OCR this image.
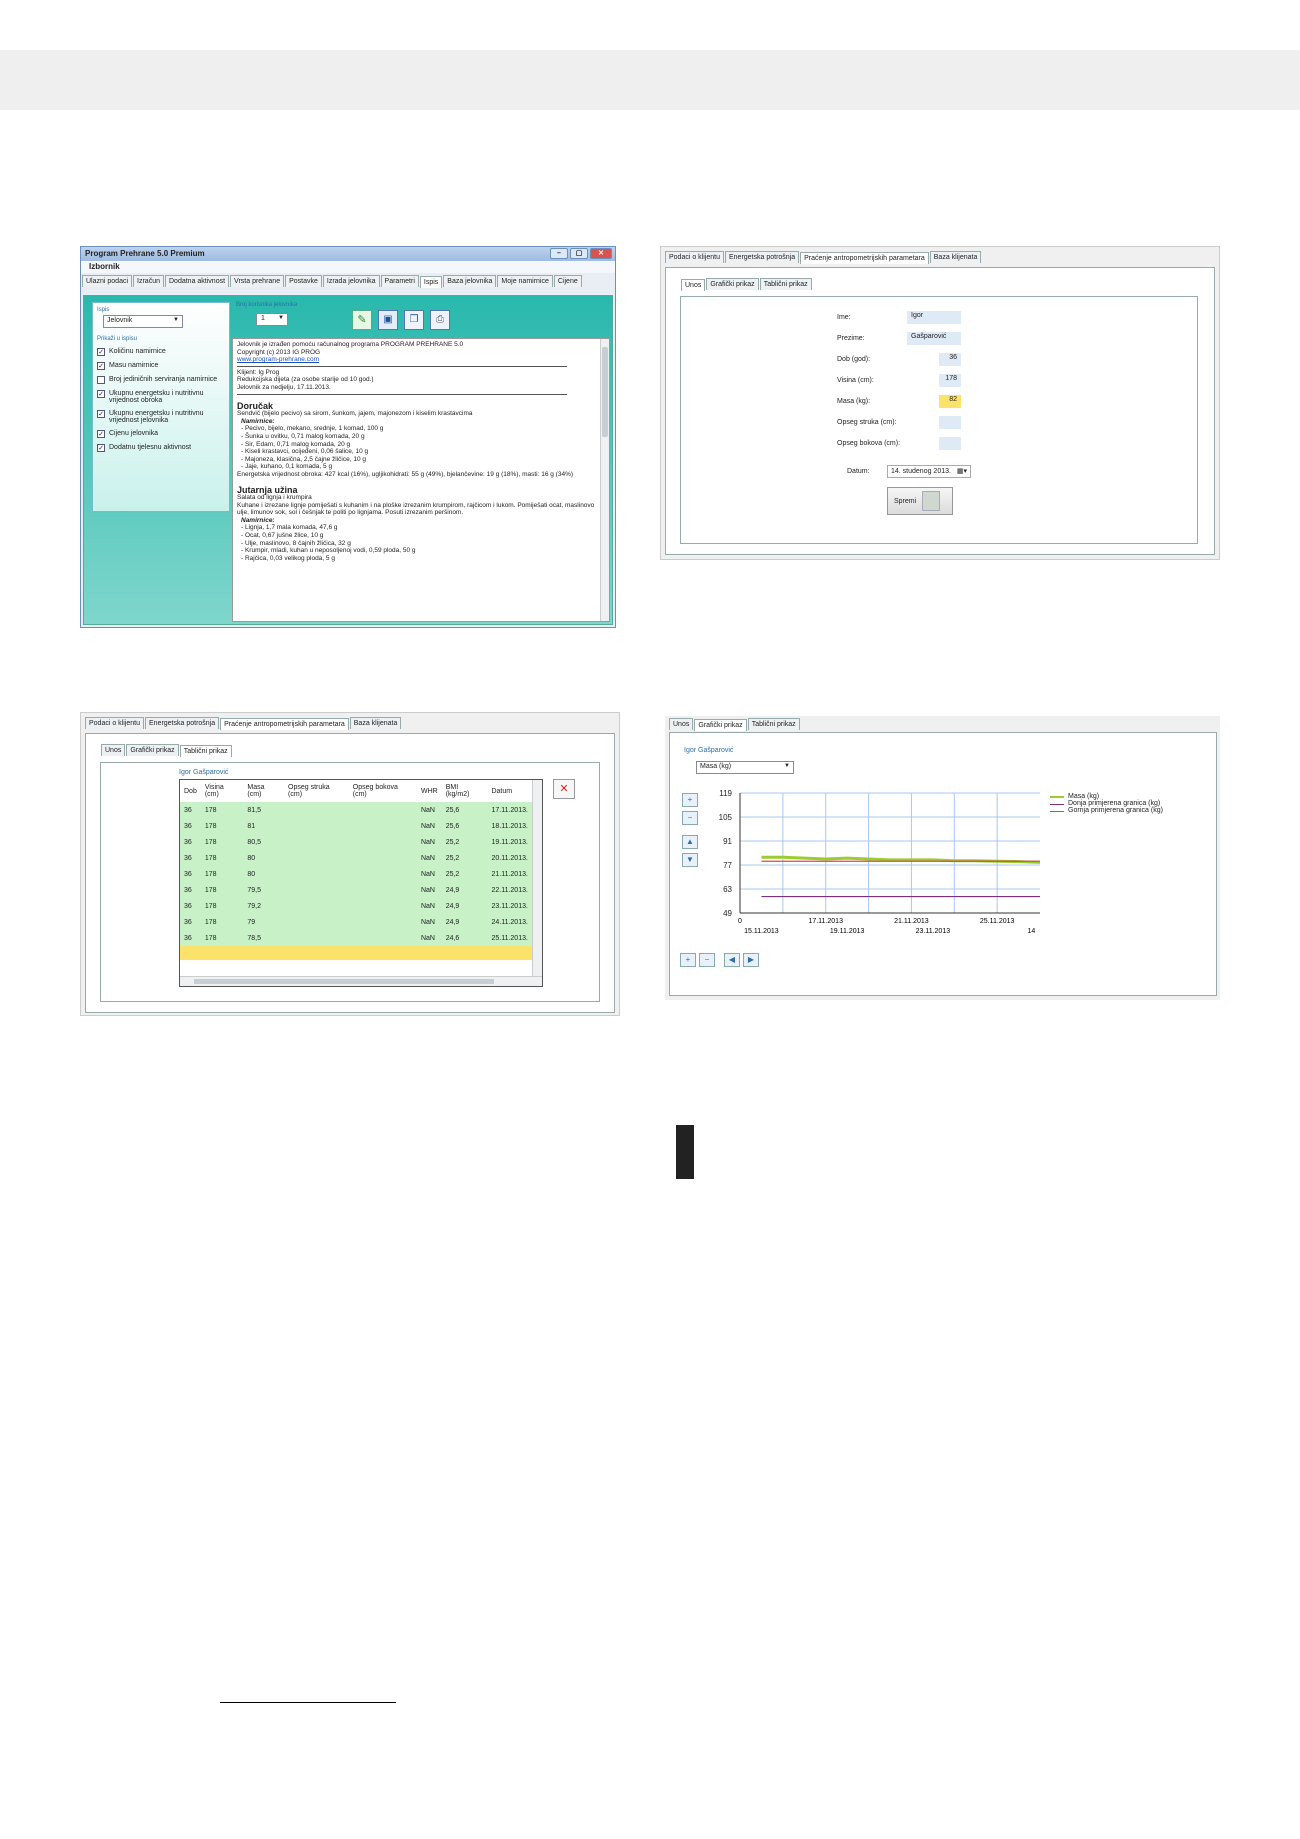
Program Prehrane 5.0 Premium	–	▢	✕
Izbornik
Ulazni podaci	Izračun	Dodatna aktivnost	Vrsta prehrane	Postavke	Izrada jelovnika	Parametri	Ispis	Baza jelovnika	Moje namirnice	Cijene
Ispis
Jelovnik	▼
Prikaži u ispisu
✓ Količinu namirnice
✓ Masu namirnice
Broj jediničnih serviranja namirnice
✓ Ukupnu energetsku i nutritivnu vrijednost obroka
✓ Ukupnu energetsku i nutritivnu vrijednost jelovnika
✓ Cijenu jelovnika
✓ Dodatnu tjelesnu aktivnost
Broj korisnika jelovnika
1 ▼	✎	▣	❐	⎙
Jelovnik je izrađen pomoću računalnog programa PROGRAM PREHRANE 5.0
Copyright (c) 2013 IG PROG
www.program-prehrane.com
Klijent: Ig Prog
Redukcijska dijeta (za osobe starije od 10 god.)
Jelovnik za nedjelju, 17.11.2013.
Doručak
Sendvič (bijelo pecivo) sa sirom, šunkom, jajem, majonezom i kiselim krastavcima
Namirnice:
- Pecivo, bijelo, mekano, srednje, 1 komad, 100 g
- Šunka u ovitku, 0,71 malog komada, 20 g
- Sir, Edam, 0,71 malog komada, 20 g
- Kiseli krastavci, ocijeđeni, 0,06 šalice, 10 g
- Majoneza, klasična, 2,5 čajne žličice, 10 g
- Jaje, kuhano, 0,1 komada, 5 g
Energetska vrijednost obroka: 427 kcal (16%), ugljikohidrati: 55 g (49%), bjelančevine: 19 g (18%), masti: 16 g (34%)
Jutarnja užina
Salata od lignja i krumpira
Kuhane i izrezane lignje pomiješati s kuhanim i na ploške izrezanim krumpirom, rajčicom i lukom. Pomiješati ocat, maslinovo ulje, limunov sok, sol i češnjak te politi po lignjama. Posuti izrezanim peršinom.
Namirnice:
- Lignja, 1,7 mala komada, 47,6 g
- Ocat, 0,67 jušne žlice, 10 g
- Ulje, maslinovo, 8 čajnih žličica, 32 g
- Krumpir, mladi, kuhan u neposoljenoj vodi, 0,59 ploda, 50 g
- Rajčica, 0,03 velikog ploda, 5 g
Podaci o klijentu	Energetska potrošnja	Praćenje antropometrijskih parametara	Baza klijenata
Unos	Grafički prikaz	Tablični prikaz
Ime:	Igor
Prezime:	Gašparović
Dob (god):	36
Visina (cm):	178
Masa (kg):	82
Opseg struka (cm):
Opseg bokova (cm):
Datum:	14. studenog 2013. ▦▾
Spremi
Podaci o klijentu	Energetska potrošnja	Praćenje antropometrijskih parametara	Baza klijenata
Unos	Grafički prikaz	Tablični prikaz
Igor Gašparović
Dob	Visina (cm)	Masa (cm)	Opseg struka (cm)	Opseg bokova (cm)	WHR	BMI (kg/m2)	Datum
36	178	81,5			NaN	25,6	17.11.2013.
36	178	81			NaN	25,6	18.11.2013.
36	178	80,5			NaN	25,2	19.11.2013.
36	178	80			NaN	25,2	20.11.2013.
36	178	80			NaN	25,2	21.11.2013.
36	178	79,5			NaN	24,9	22.11.2013.
36	178	79,2			NaN	24,9	23.11.2013.
36	178	79			NaN	24,9	24.11.2013.
36	178	78,5			NaN	24,6	25.11.2013.
✕
Unos	Grafički prikaz	Tablični prikaz
Igor Gašparović
Masa (kg)	▼
+
−
▲
▼
119
105
91
77
63
49
0	17.11.2013	21.11.2013	25.11.2013
15.11.2013	19.11.2013	23.11.2013	14
Masa (kg)
Donja primjerena granica (kg)
Gornja primjerena granica (kg)
+	−	◀	▶
